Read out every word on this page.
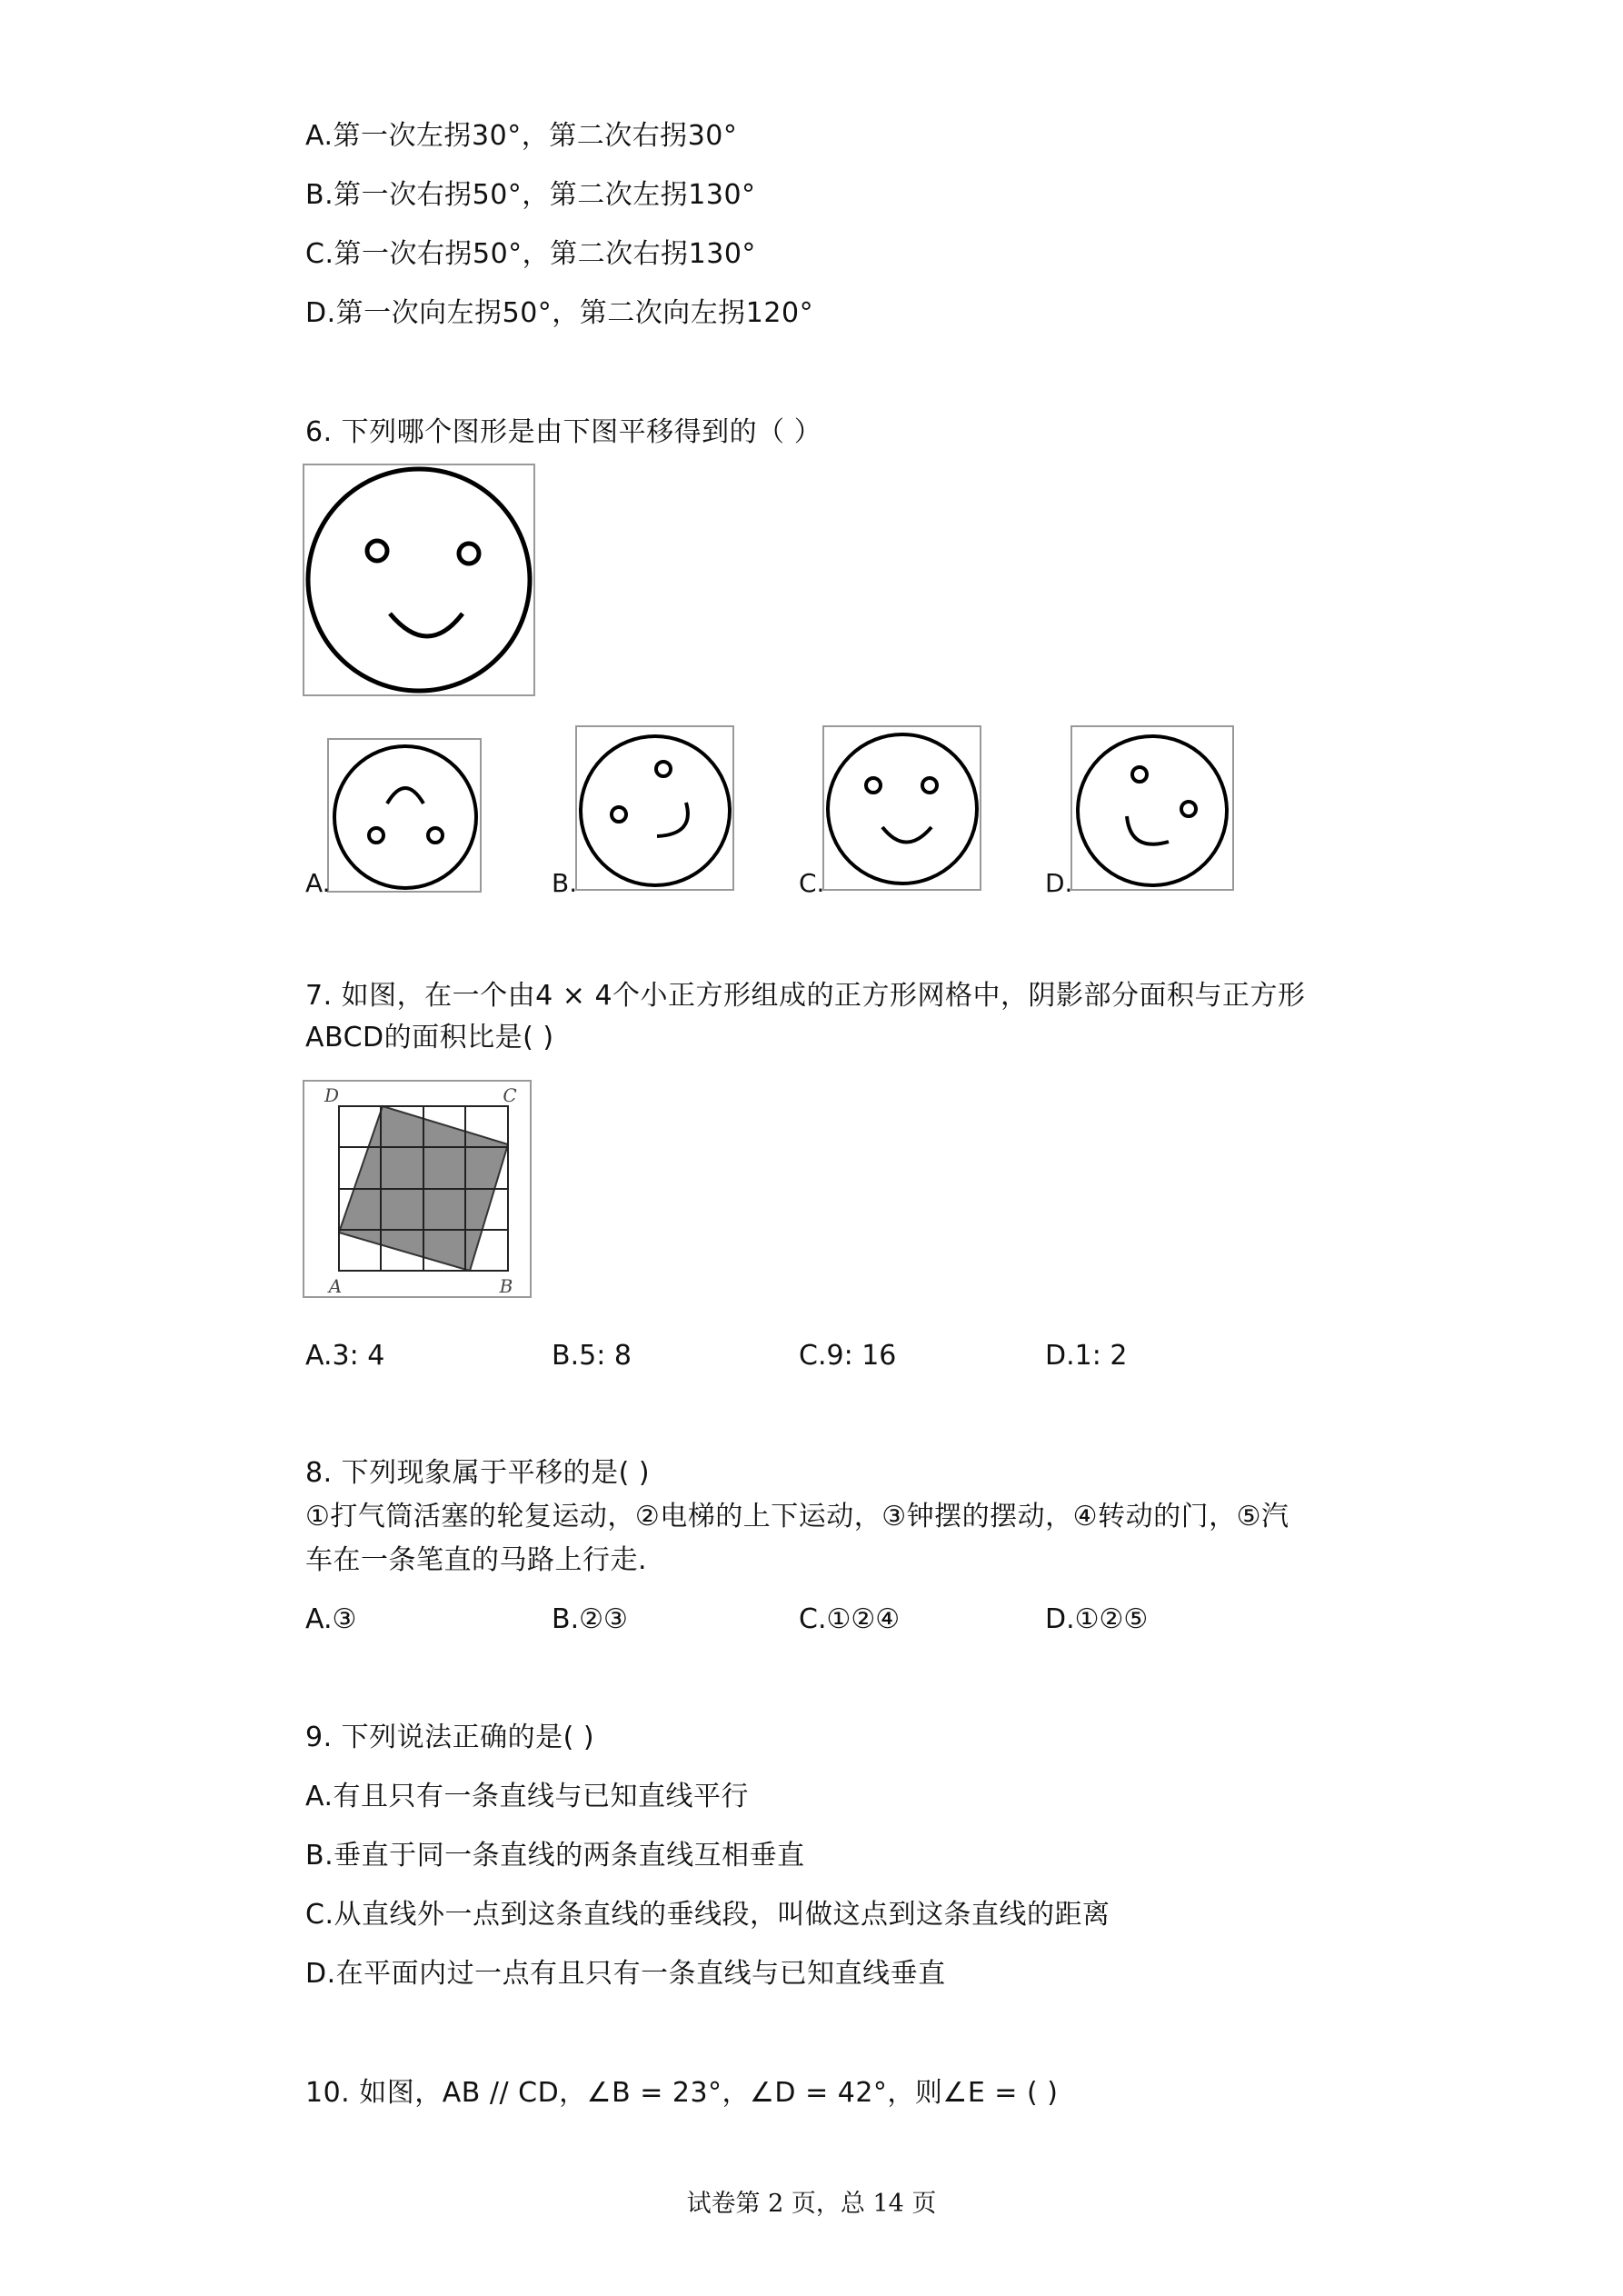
A.第一次左拐30°，第二次右拐30°
B.第一次右拐50°，第二次左拐130°
C.第一次右拐50°，第二次右拐130°
D.第一次向左拐50°，第二次向左拐120°
6. 下列哪个图形是由下图平移得到的（ ）
A.	B.	C.	D.
7. 如图，在一个由4 × 4个小正方形组成的正方形网格中，阴影部分面积与正方形
ABCD的面积比是( )
D	C
A	B
A.3: 4	B.5: 8	C.9: 16	D.1: 2
8. 下列现象属于平移的是( )
①打气筒活塞的轮复运动，②电梯的上下运动，③钟摆的摆动，④转动的门，⑤汽
车在一条笔直的马路上行走.
A.③	B.②③	C.①②④	D.①②⑤
9. 下列说法正确的是( )
A.有且只有一条直线与已知直线平行
B.垂直于同一条直线的两条直线互相垂直
C.从直线外一点到这条直线的垂线段，叫做这点到这条直线的距离
D.在平面内过一点有且只有一条直线与已知直线垂直
10. 如图，AB // CD，∠B = 23°，∠D = 42°，则∠E = ( )
试卷第 2 页，总 14 页
